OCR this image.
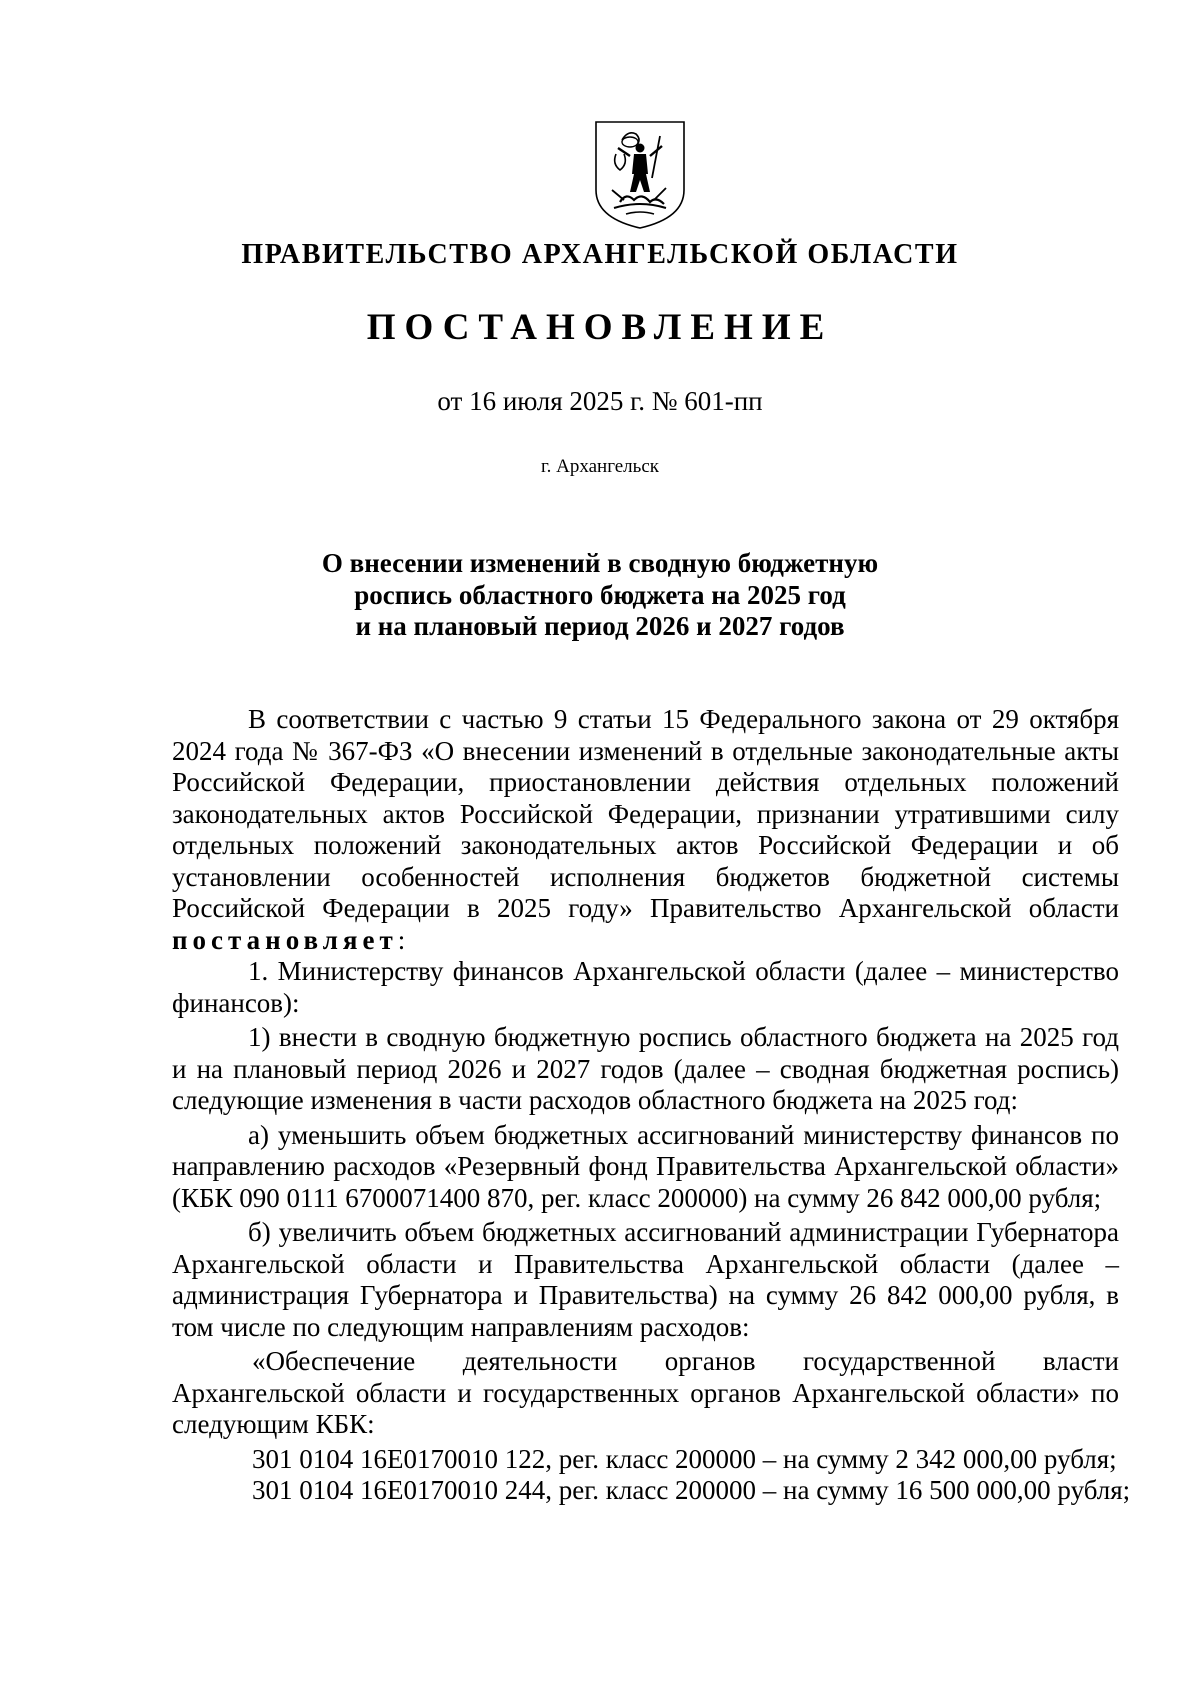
ПРАВИТЕЛЬСТВО АРХАНГЕЛЬСКОЙ ОБЛАСТИ
ПОСТАНОВЛЕНИЕ
от 16 июля 2025 г. № 601-пп
г. Архангельск
О внесении изменений в сводную бюджетную
роспись областного бюджета на 2025 год
и на плановый период 2026 и 2027 годов

В соответствии с частью 9 статьи 15 Федерального закона от 29 октября 2024 года № 367-ФЗ «О внесении изменений в отдельные законодательные акты Российской Федерации, приостановлении действия отдельных положений законодательных актов Российской Федерации, признании утратившими силу отдельных положений законодательных актов Российской Федерации и об установлении особенностей исполнения бюджетов бюджетной системы Российской Федерации в 2025 году» Правительство Архангельской области постановляет:

1. Министерству финансов Архангельской области (далее – министерство финансов):

1) внести в сводную бюджетную роспись областного бюджета на 2025 год и на плановый период 2026 и 2027 годов (далее – сводная бюджетная роспись) следующие изменения в части расходов областного бюджета на 2025 год:

а) уменьшить объем бюджетных ассигнований министерству финансов по направлению расходов «Резервный фонд Правительства Архангельской области» (КБК 090 0111 6700071400 870, рег. класс 200000) на сумму 26 842 000,00 рубля;

б) увеличить объем бюджетных ассигнований администрации Губернатора Архангельской области и Правительства Архангельской области (далее – администрация Губернатора и Правительства) на сумму 26 842 000,00 рубля, в том числе по следующим направлениям расходов:

«Обеспечение деятельности органов государственной власти Архангельской области и государственных органов Архангельской области» по следующим КБК:

301 0104 16Е0170010 122, рег. класс 200000 – на сумму 2 342 000,00 рубля;

301 0104 16Е0170010 244, рег. класс 200000 – на сумму 16 500 000,00 рубля;
